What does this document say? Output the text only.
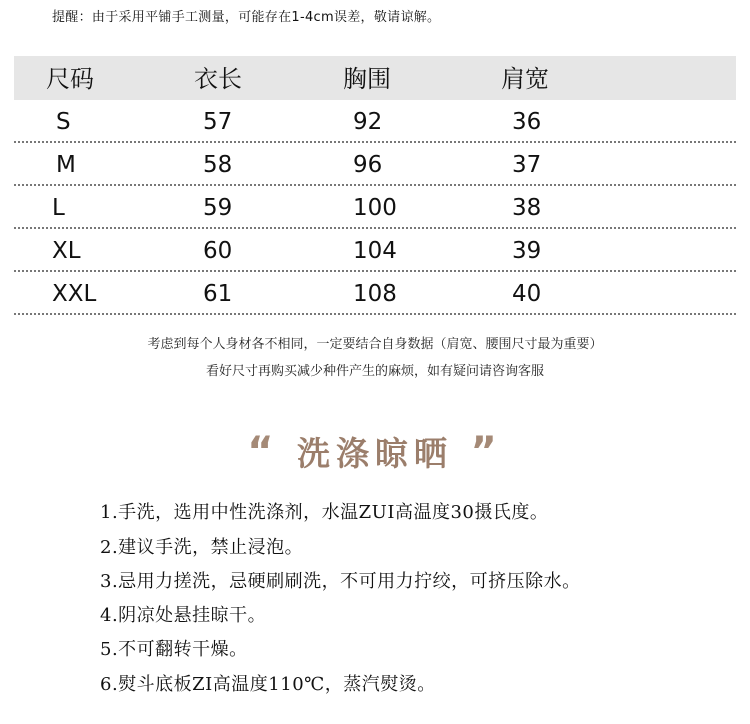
提醒：由于采用平铺手工测量，可能存在1-4cm误差，敬请谅解。
尺码	衣长	胸围	肩宽
S	57	92	36
M	58	96	37
L	59	100	38
XL	60	104	39
XXL	61	108	40
考虑到每个人身材各不相同，一定要结合自身数据（肩宽、腰围尺寸最为重要）
看好尺寸再购买减少种件产生的麻烦，如有疑问请咨询客服
“ 洗涤晾晒 ”
1.手洗，选用中性洗涤剂，水温ZUI高温度30摄氏度。
2.建议手洗，禁止浸泡。
3.忌用力搓洗，忌硬刷刷洗，不可用力拧绞，可挤压除水。
4.阴凉处悬挂晾干。
5.不可翻转干燥。
6.熨斗底板ZI高温度110℃，蒸汽熨烫。
